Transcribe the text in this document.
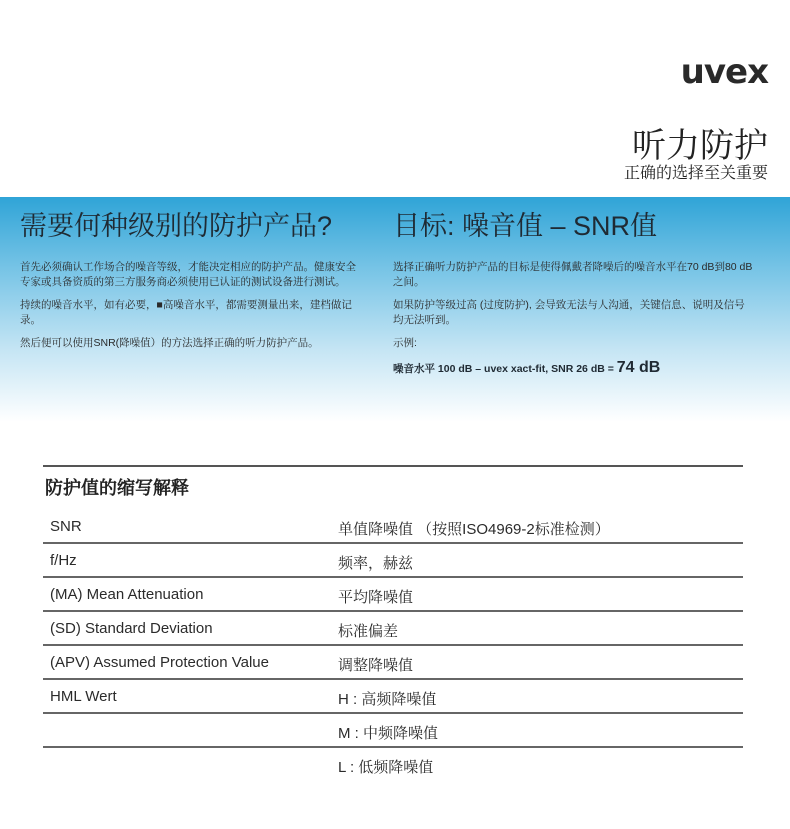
uvex
听力防护
正确的选择至关重要
需要何种级别的防护产品?

首先必须确认工作场合的噪音等级，才能决定相应的防护产品。健康安全专家或具备资质的第三方服务商必须使用已认证的测试设备进行测试。

持续的噪音水平，如有必要，■高噪音水平，都需要测量出来，建档做记录。

然后便可以使用SNR(降噪值）的方法选择正确的听力防护产品。

目标: 噪音值 – SNR值

选择正确听力防护产品的目标是使得佩戴者降噪后的噪音水平在70 dB到80 dB之间。

如果防护等级过高 (过度防护), 会导致无法与人沟通，关键信息、说明及信号均无法听到。

示例:

噪音水平 100 dB – uvex xact-fit, SNR 26 dB = 74 dB
防护值的缩写解释
SNR	单值降噪值 （按照ISO4969-2标准检测）
f/Hz	频率，赫兹
(MA) Mean Attenuation	平均降噪值
(SD) Standard Deviation	标准偏差
(APV) Assumed Protection Value	调整降噪值
HML Wert	H : 高频降噪值
M : 中频降噪值
L : 低频降噪值
